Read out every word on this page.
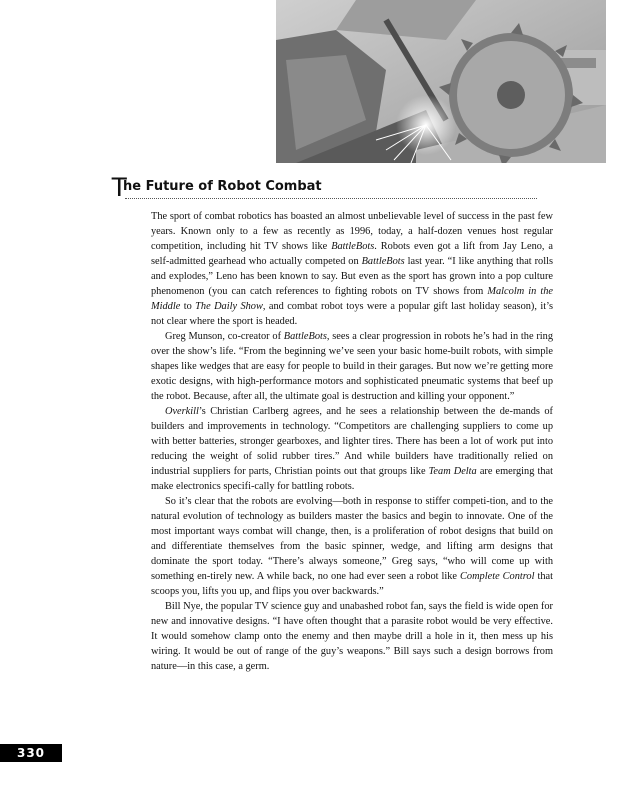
T
he Future of Robot Combat

The sport of combat robotics has boasted an almost unbelievable level of success in the past few years. Known only to a few as recently as 1996, today, a half-dozen venues host regular competition, including hit TV shows like BattleBots. Robots even got a lift from Jay Leno, a self-admitted gearhead who actually competed on BattleBots last year. “I like anything that rolls and explodes,” Leno has been known to say. But even as the sport has grown into a pop culture phenomenon (you can catch references to fighting robots on TV shows from Malcolm in the Middle to The Daily Show, and combat robot toys were a popular gift last holiday season), it’s not clear where the sport is headed.

Greg Munson, co-creator of BattleBots, sees a clear progression in robots he’s had in the ring over the show’s life. “From the beginning we’ve seen your basic home-built robots, with simple shapes like wedges that are easy for people to build in their garages. But now we’re getting more exotic designs, with high-performance motors and sophisticated pneumatic systems that beef up the robot. Because, after all, the ultimate goal is destruction and killing your opponent.”

Overkill’s Christian Carlberg agrees, and he sees a relationship between the de-mands of builders and improvements in technology. “Competitors are challenging suppliers to come up with better batteries, stronger gearboxes, and lighter tires. There has been a lot of work put into reducing the weight of solid rubber tires.” And while builders have traditionally relied on industrial suppliers for parts, Christian points out that groups like Team Delta are emerging that make electronics specifi-cally for battling robots.

So it’s clear that the robots are evolving—both in response to stiffer competi-tion, and to the natural evolution of technology as builders master the basics and begin to innovate. One of the most important ways combat will change, then, is a proliferation of robot designs that build on and differentiate themselves from the basic spinner, wedge, and lifting arm designs that dominate the sport today. “There’s always someone,” Greg says, “who will come up with something en-tirely new. A while back, no one had ever seen a robot like Complete Control that scoops you, lifts you up, and flips you over backwards.”

Bill Nye, the popular TV science guy and unabashed robot fan, says the field is wide open for new and innovative designs. “I have often thought that a parasite robot would be very effective. It would somehow clamp onto the enemy and then maybe drill a hole in it, then mess up his wiring. It would be out of range of the guy’s weapons.” Bill says such a design borrows from nature—in this case, a germ.

330
